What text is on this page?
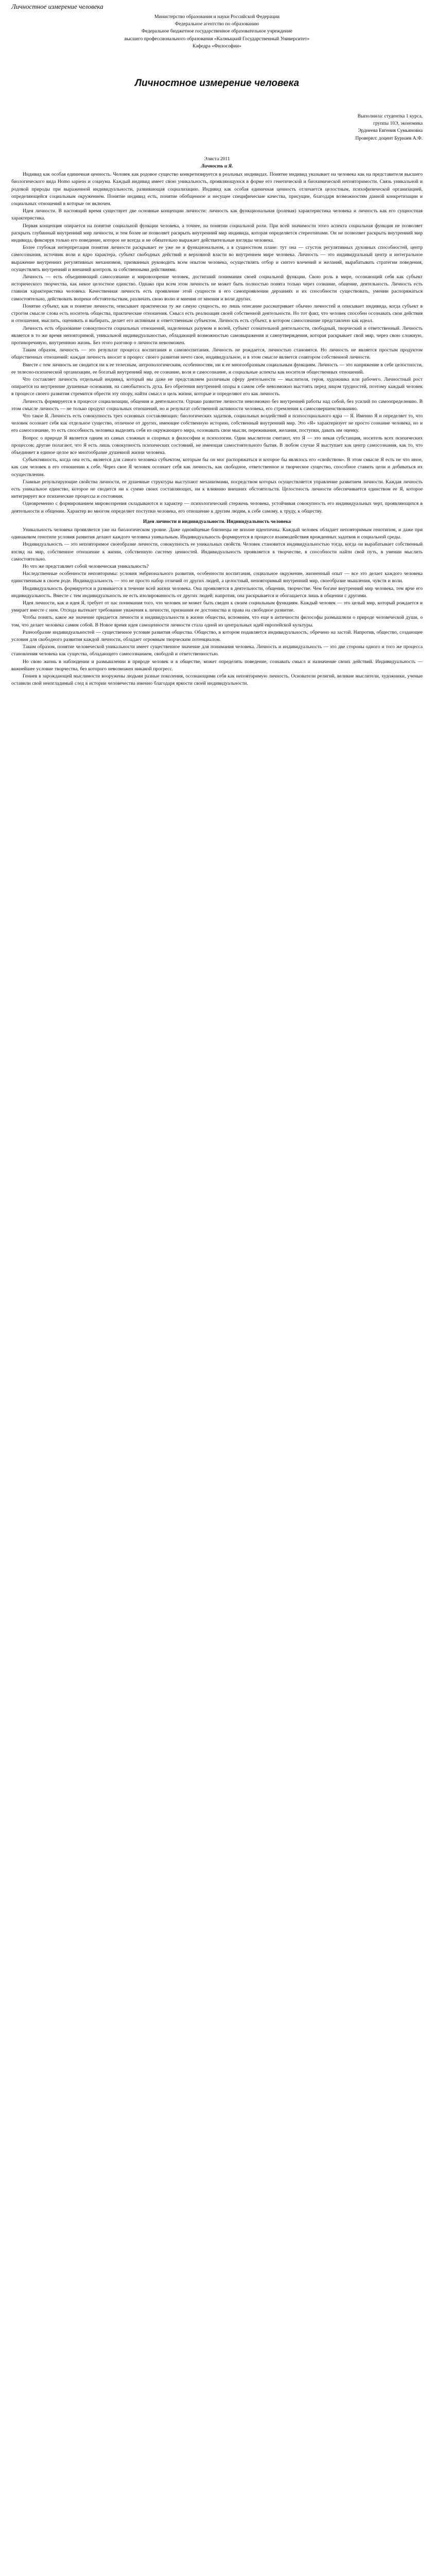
Личностное измерение человека

Министерство образования и науки Российской Федерации

Федеральное агентство по образованию

Федеральное бюджетное государственное образовательное учреждение

высшего профессионального образования «Калмыцкий Государственный Университет»

Кафедра «Философии»

Личностное измерение человека

Выполнила: студентка 1 курса,

группы 10Э, экономика

Эрднеева Евгения Сумьяновна

Проверил: доцент Бурнаев А.Ф.

Элиста 2011

Личность и Я.

Индивид как особая единичная ценность. Человек как родовое существо конкретизируется в реальных индивидах. Понятие индивид указывает на человека как на представителя высшего биологического вида Homo sapiens и социума. Каждый индивид имеет свою уникальность, проявляющуюся в форме его генетической и биохимической неповторимости. Связь уникальной и родовой природы при выраженной индивидуальности, развивающая социализацию. Индивид как особая единичная ценность отличается целостным, психофизической организацией, определяющейся социальным окружением. Понятие индивид есть, понятие обобщенное и несущее специфические качества, присущие, благодаря возможностям данной конкретизации и социальных отношений в которые он включен.

Идея личности. В настоящий время существует две основные концепции личности: личность как функциональная (ролевая) характеристика человека и личность как его сущностная характеристика.

Первая концепция опирается на понятие социальной функции человека, а точнее, на понятии социальной роли. При всей значимости этого аспекта социальная функция не позволяет раскрыть глубинный внутренний мир личности, и тем более не позволяет раскрыть внутренний мир индивида, которая определяется стереотипами. Он не позволяет раскрыть внутренний мир индивида, фиксируя только его поведение, которое не всегда и не обязательно выражает действительные взгляды человека.

Более глубокая интерпретация понятия личности раскрывает ее уже не в функциональном, а в сущностном плане: тут она — сгусток регулятивных духовных способностей, центр самосознания, источник воли и ядро характера, субъект свободных действий и верховной власти во внутреннем мире человека. Личность — это индивидуальный центр и интегральное выражение внутренних регулятивных механизмов, призванных руководить всем опытом человека, осуществлять отбор и синтез влечений и желаний, вырабатывать стратегии поведения, осуществлять внутренний и внешний контроль за собственными действиями.

Личность — есть объединяющий самосознание и мировоззрение человек, достигший понимания своей социальной функции. Свою роль в мире, осознающий себя как субъект исторического творчества, как некое целостное единство. Однако при всем этом личность не может быть полностью понята только через сознание, общение, деятельность. Личность есть главная характеристика человека. Качественная личность есть проявление этой сущности в его самопроявлении дерзаниях и их способности существовать, умении распоряжаться самостоятельно, действовать вопреки обстоятельствам, различать свою волю и мнения от мнения и воли других.

Понятие субъект, как и понятие личности, описывает практически ту же самую сущность, но лишь описание рассматривает обычно личностей и описывает индивида, когда субъект в строгом смысле слова есть носитель общества, практические отношения. Смысл есть реализация своей собственной деятельности. Но тот факт, что человек способен осознавать свои действия и отношения, мыслить, оценивать и выбирать, делает его активным и ответственным субъектом. Личность есть субъект, в котором самосознание представлено как идеал.

Личность есть образование совокупности социальных отношений, наделенных разумом и волей, субъект сознательной деятельности, свободный, творческий и ответственный. Личность является в то же время неповторимой, уникальной индивидуальностью, обладающей возможностью самовыражения и самоутверждения, которая раскрывает свой мир, через свою сложную, противоречивую, внутреннюю жизнь. Без этого разговор о личности невозможен.

Таким образом, личность — это результат процесса воспитания и самовоспитания. Личность не рождается, личностью становятся. Но личность не является простым продуктом общественных отношений: каждая личность вносит в процесс своего развития нечто свое, индивидуальное, и в этом смысле является соавтором собственной личности.

Вместе с тем личность не сводится ни к ее телесным, антропологическим, особенностям, ни к ее многообразным социальным функциям. Личность — это напряжение в себе целостности, ее телесно-психической организации, ее богатый внутренний мир, ее сознание, воля и самосознание, и социальные аспекты как носителя общественных отношений.

Что составляет личность отдельный индивид, который мы даже не представляем различным сферу деятельности — мыслителя, героя, художника или рабочего. Личностный рост опирается на внутренние душевные основания, на самобытность духа. Без обретения внутренней опоры в самом себе невозможно выстоять перед лицом трудностей, поэтому каждый человек в процессе своего развития стремится обрести эту опору, найти смысл и цель жизни, которые и определяют его как личность.

Личность формируется в процессе социализации, общения и деятельности. Однако развитие личности невозможно без внутренней работы над собой, без усилий по самоопределению. В этом смысле личность — не только продукт социальных отношений, но и результат собственной активности человека, его стремления к самосовершенствованию.

Что такое Я. Личность есть совокупность трех основных составляющих: биологических задатков, социальных воздействий и психосоциального ядра — Я. Именно Я и определяет то, что человек осознает себя как отдельное существо, отличное от других, имеющее собственную историю, собственный внутренний мир. Это «Я» характеризует не просто сознание человека, но и его самосознание, то есть способность человека выделять себя из окружающего мира, осознавать свои мысли, переживания, желания, поступки, давать им оценку.

Вопрос о природе Я является одним из самых сложных и спорных в философии и психологии. Одни мыслители считают, что Я — это некая субстанция, носитель всех психических процессов; другие полагают, что Я есть лишь совокупность психических состояний, не имеющая самостоятельного бытия. В любом случае Я выступает как центр самосознания, как то, что объединяет в единое целое все многообразие душевной жизни человека.

Субъективность, когда она есть, является для самого человека субъектом, которым бы он мог распоряжаться и которое бы являлось его «свойством». В этом смысле Я есть не что иное, как сам человек в его отношении к себе. Через свое Я человек осознает себя как личность, как свободное, ответственное и творческое существо, способное ставить цели и добиваться их осуществления.

Главные результирующие свойства личности, ее душевные структуры выступают механизмами, посредством которых осуществляется управление развитием личности. Каждая личность есть уникальное единство, которое не сводится ни к сумме своих составляющих, ни к влиянию внешних обстоятельств. Целостность личности обеспечивается единством ее Я, которое интегрирует все психические процессы и состояния.

Одновременно с формированием мировоззрения складываются и характер — психологический стержень человека, устойчивая совокупность его индивидуальных черт, проявляющихся в деятельности и общении. Характер во многом определяет поступки человека, его отношение к другим людям, к себе самому, к труду, к обществу.

Идея личности и индивидуальности. Индивидуальность человека

Уникальность человека проявляется уже на биологическом уровне. Даже однояйцевые близнецы не вполне идентичны. Каждый человек обладает неповторимым генотипом, и даже при одинаковом генотипе условия развития делают каждого человека уникальным. Индивидуальность формируется в процессе взаимодействия врожденных задатков и социальной среды.

Индивидуальность — это неповторимое своеобразие личности, совокупность ее уникальных свойств. Человек становится индивидуальностью тогда, когда он вырабатывает собственный взгляд на мир, собственное отношение к жизни, собственную систему ценностей. Индивидуальность проявляется в творчестве, в способности найти свой путь, в умении мыслить самостоятельно.

Но что же представляет собой человеческая уникальность?

Наследственные особенности неповторимы: условия эмбрионального развития, особенности воспитания, социальное окружение, жизненный опыт — все это делает каждого человека единственным в своем роде. Индивидуальность — это не просто набор отличий от других людей, а целостный, неповторимый внутренний мир, своеобразие мышления, чувств и воли.

Индивидуальность формируется и развивается в течение всей жизни человека. Она проявляется в деятельности, общении, творчестве. Чем богаче внутренний мир человека, тем ярче его индивидуальность. Вместе с тем индивидуальность не есть изолированность от других людей; напротив, она раскрывается и обогащается лишь в общении с другими.

Идея личности, как и идея Я, требует от нас понимания того, что человек не может быть сведен к своим социальным функциям. Каждый человек — это целый мир, который рождается и умирает вместе с ним. Отсюда вытекает требование уважения к личности, признания ее достоинства и права на свободное развитие.

Чтобы понять, какое же значение придается личности и индивидуальности в жизни общества, вспомним, что еще в античности философы размышляли о природе человеческой души, о том, что делает человека самим собой. В Новое время идея самоценности личности стала одной из центральных идей европейской культуры.

Разнообразие индивидуальностей — существенное условие развития общества. Общество, в котором подавляется индивидуальность, обречено на застой. Напротив, общество, создающее условия для свободного развития каждой личности, обладает огромным творческим потенциалом.

Таким образом, понятие человеческой уникальности имеет существенное значение для понимания человека. Личность и индивидуальность — это две стороны одного и того же процесса становления человека как существа, обладающего самосознанием, свободой и ответственностью.

Но свою жизнь в наблюдении и размышлении в природе человек и в обществе, может определять поведение, сознавать смысл и назначение своих действий. Индивидуальность — важнейшее условие творчества, без которого невозможен никакой прогресс.

Гениев в зарождающей мыслимости вооружены людьми разные поколения, осознающими себя как неповторимую личность. Основатели религий, великие мыслители, художники, ученые оставили свой неизгладимый след в истории человечества именно благодаря яркости своей индивидуальности.
